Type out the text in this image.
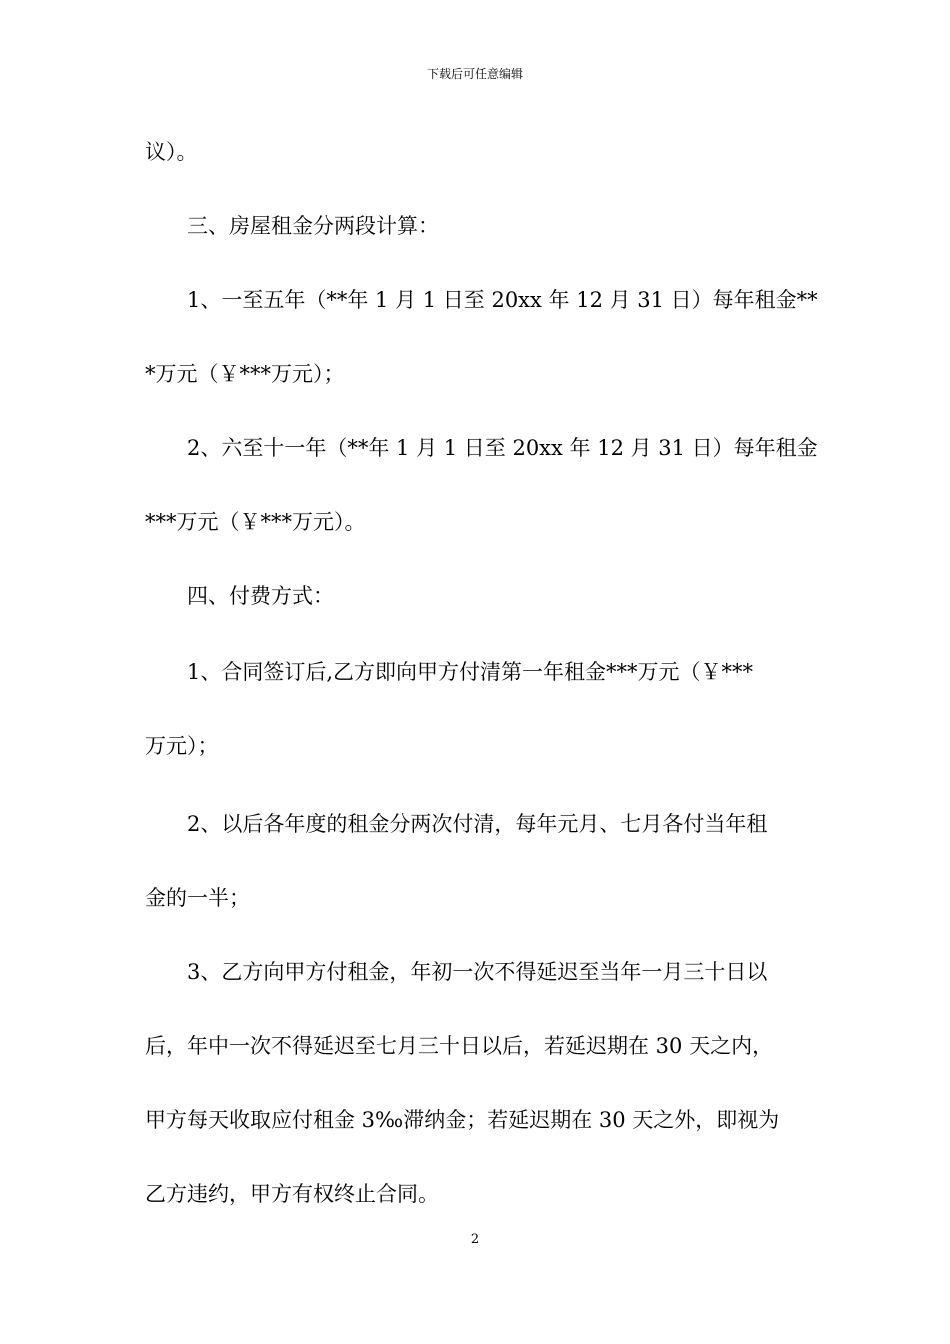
下载后可任意编辑
议）。
三、房屋租金分两段计算：
1、一至五年（**年 1 月 1 日至 20xx 年 12 月 31 日）每年租金**
*万元（￥***万元）；
2、六至十一年（**年 1 月 1 日至 20xx 年 12 月 31 日）每年租金
***万元（￥***万元）。
四、付费方式：
1、合同签订后,乙方即向甲方付清第一年租金***万元（￥***
万元）；
2、以后各年度的租金分两次付清，每年元月、七月各付当年租
金的一半；
3、乙方向甲方付租金，年初一次不得延迟至当年一月三十日以
后，年中一次不得延迟至七月三十日以后，若延迟期在 30 天之内，
甲方每天收取应付租金 3‰滞纳金；若延迟期在 30 天之外，即视为
乙方违约，甲方有权终止合同。
2
